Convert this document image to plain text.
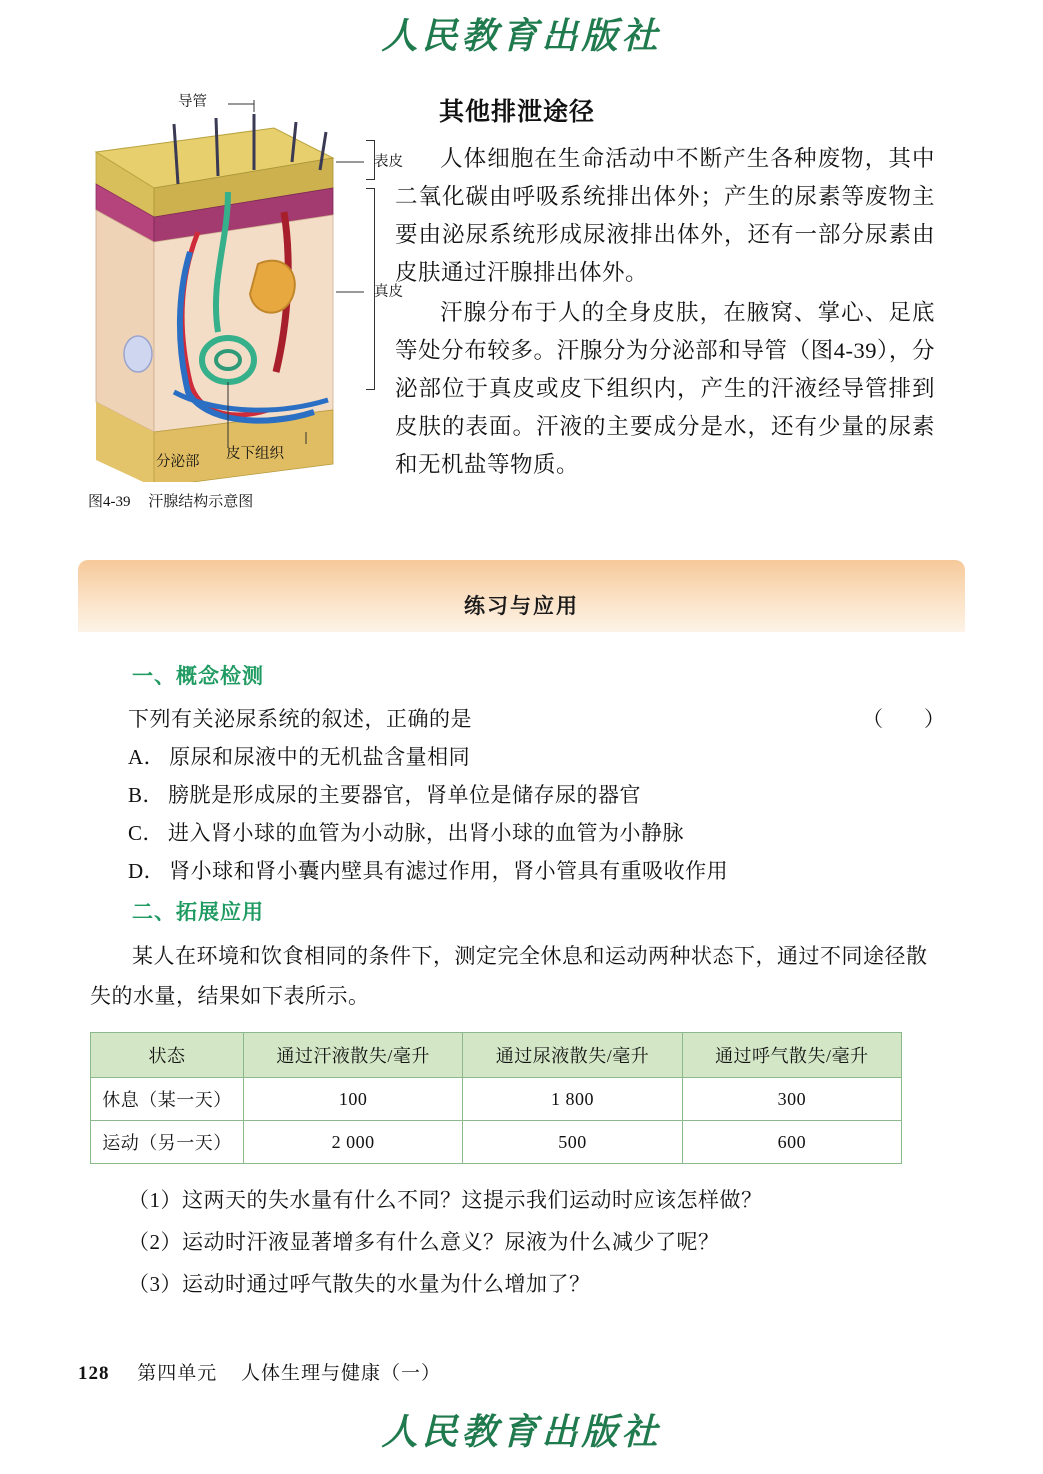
人民教育出版社
导管
表皮
真皮
皮下组织
分泌部
图4-39 汗腺结构示意图
其他排泄途径

人体细胞在生命活动中不断产生各种废物，其中二氧化碳由呼吸系统排出体外；产生的尿素等废物主要由泌尿系统形成尿液排出体外，还有一部分尿素由皮肤通过汗腺排出体外。

汗腺分布于人的全身皮肤，在腋窝、掌心、足底等处分布较多。汗腺分为分泌部和导管（图4-39），分泌部位于真皮或皮下组织内，产生的汗液经导管排到皮肤的表面。汗液的主要成分是水，还有少量的尿素和无机盐等物质。

练习与应用
一、概念检测
下列有关泌尿系统的叙述，正确的是	（　）
A． 原尿和尿液中的无机盐含量相同
B． 膀胱是形成尿的主要器官，肾单位是储存尿的器官
C． 进入肾小球的血管为小动脉，出肾小球的血管为小静脉
D． 肾小球和肾小囊内壁具有滤过作用，肾小管具有重吸收作用
二、拓展应用
某人在环境和饮食相同的条件下，测定完全休息和运动两种状态下，通过不同途径散失的水量，结果如下表所示。
状态	通过汗液散失/毫升	通过尿液散失/毫升	通过呼气散失/毫升
休息（某一天）	100	1 800	300
运动（另一天）	2 000	500	600
（1）这两天的失水量有什么不同？这提示我们运动时应该怎样做？
（2）运动时汗液显著增多有什么意义？尿液为什么减少了呢？
（3）运动时通过呼气散失的水量为什么增加了？
128 第四单元 人体生理与健康（一）
人民教育出版社
